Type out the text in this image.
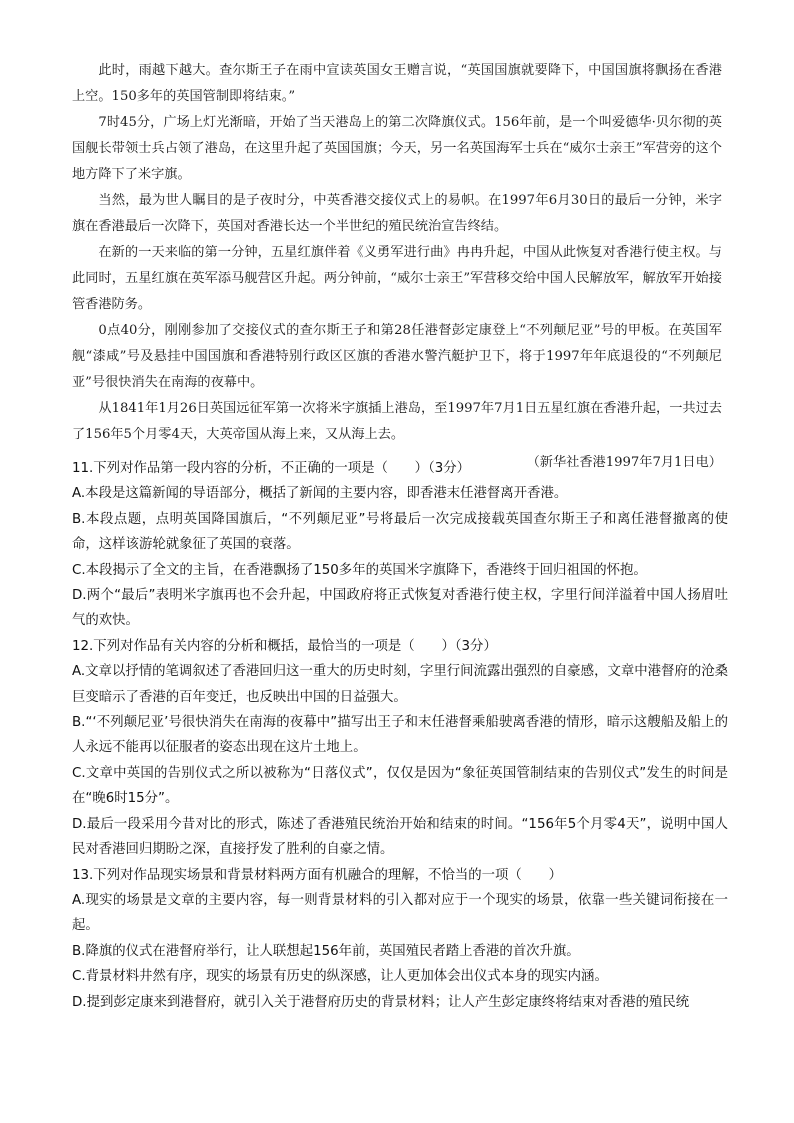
此时，雨越下越大。查尔斯王子在雨中宣读英国女王赠言说，“英国国旗就要降下，中国国旗将飘扬在香港上空。150多年的英国管制即将结束。”

7时45分，广场上灯光渐暗，开始了当天港岛上的第二次降旗仪式。156年前，是一个叫爱德华·贝尔彻的英国舰长带领士兵占领了港岛，在这里升起了英国国旗；今天，另一名英国海军士兵在“威尔士亲王”军营旁的这个地方降下了米字旗。

当然，最为世人瞩目的是子夜时分，中英香港交接仪式上的易帜。在1997年6月30日的最后一分钟，米字旗在香港最后一次降下，英国对香港长达一个半世纪的殖民统治宣告终结。

在新的一天来临的第一分钟，五星红旗伴着《义勇军进行曲》冉冉升起，中国从此恢复对香港行使主权。与此同时，五星红旗在英军添马舰营区升起。两分钟前，“威尔士亲王”军营移交给中国人民解放军，解放军开始接管香港防务。

0点40分，刚刚参加了交接仪式的查尔斯王子和第28任港督彭定康登上“不列颠尼亚”号的甲板。在英国军舰“漆咸”号及悬挂中国国旗和香港特别行政区区旗的香港水警汽艇护卫下，将于1997年年底退役的“不列颠尼亚”号很快消失在南海的夜幕中。

从1841年1月26日英国远征军第一次将米字旗插上港岛，至1997年7月1日五星红旗在香港升起，一共过去了156年5个月零4天，大英帝国从海上来，又从海上去。

（新华社香港1997年7月1日电）

11.下列对作品第一段内容的分析，不正确的一项是（　　）（3分）

A.本段是这篇新闻的导语部分，概括了新闻的主要内容，即香港末任港督离开香港。

B.本段点题，点明英国降国旗后，“不列颠尼亚”号将最后一次完成接载英国查尔斯王子和离任港督撤离的使命，这样该游轮就象征了英国的衰落。

C.本段揭示了全文的主旨，在香港飘扬了150多年的英国米字旗降下，香港终于回归祖国的怀抱。

D.两个“最后”表明米字旗再也不会升起，中国政府将正式恢复对香港行使主权，字里行间洋溢着中国人扬眉吐气的欢快。

12.下列对作品有关内容的分析和概括，最恰当的一项是（　　）（3分）

A.文章以抒情的笔调叙述了香港回归这一重大的历史时刻，字里行间流露出强烈的自豪感，文章中港督府的沧桑巨变暗示了香港的百年变迁，也反映出中国的日益强大。

B.“‘不列颠尼亚’号很快消失在南海的夜幕中”描写出王子和末任港督乘船驶离香港的情形，暗示这艘船及船上的人永远不能再以征服者的姿态出现在这片土地上。

C.文章中英国的告别仪式之所以被称为“日落仪式”，仅仅是因为“象征英国管制结束的告别仪式”发生的时间是在“晚6时15分”。

D.最后一段采用今昔对比的形式，陈述了香港殖民统治开始和结束的时间。“156年5个月零4天”，说明中国人民对香港回归期盼之深，直接抒发了胜利的自豪之情。

13.下列对作品现实场景和背景材料两方面有机融合的理解，不恰当的一项（　　）

A.现实的场景是文章的主要内容，每一则背景材料的引入都对应于一个现实的场景，依靠一些关键词衔接在一起。

B.降旗的仪式在港督府举行，让人联想起156年前，英国殖民者踏上香港的首次升旗。

C.背景材料井然有序，现实的场景有历史的纵深感，让人更加体会出仪式本身的现实内涵。

D.提到彭定康来到港督府，就引入关于港督府历史的背景材料；让人产生彭定康终将结束对香港的殖民统
